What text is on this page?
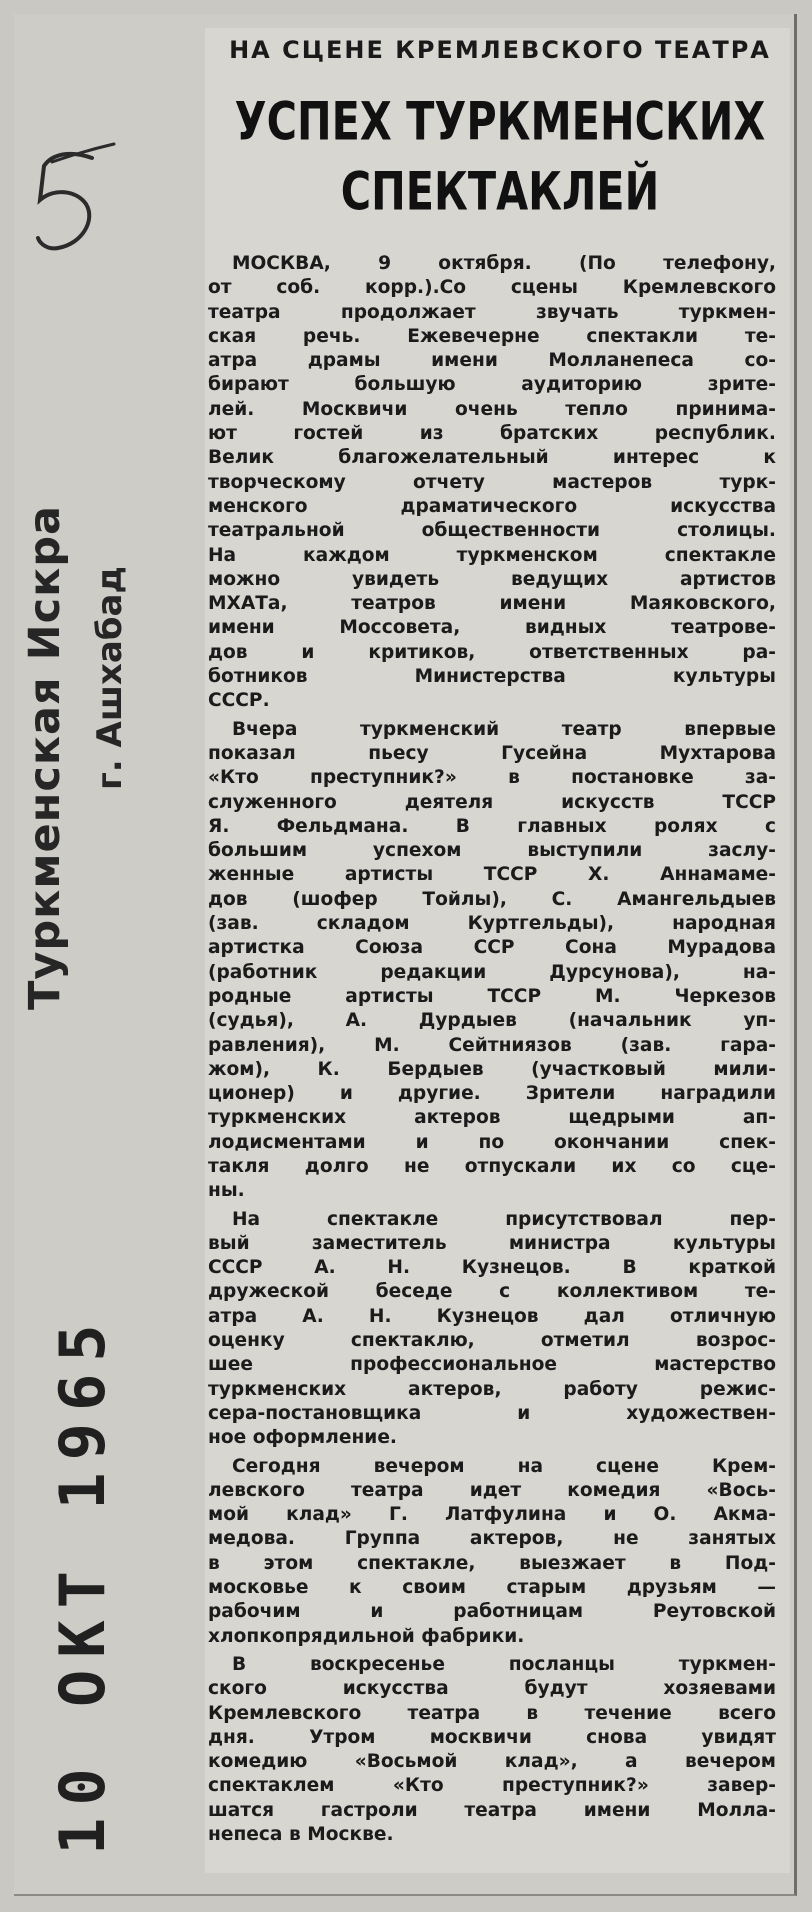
Туркменская Искра г. Ашхабад
10 ОКТ 1965
НА СЦЕНЕ КРЕМЛЕВСКОГО ТЕАТРА
УСПЕХ ТУРКМЕНСКИХ
СПЕКТАКЛЕЙ
МОСКВА, 9 октября. (По телефону,
от соб. корр.).Со сцены Кремлевского
театра продолжает звучать туркмен-
ская речь. Ежевечерне спектакли те-
атра драмы имени Молланепеса со-
бирают большую аудиторию зрите-
лей. Москвичи очень тепло принима-
ют гостей из братских республик.
Велик благожелательный интерес к
творческому отчету мастеров турк-
менского драматического искусства
театральной общественности столицы.
На каждом туркменском спектакле
можно увидеть ведущих артистов
МХАТа, театров имени Маяковского,
имени Моссовета, видных театрове-
дов и критиков, ответственных ра-
ботников Министерства культуры
СССР.
Вчера туркменский театр впервые
показал пьесу Гусейна Мухтарова
«Кто преступник?» в постановке за-
служенного деятеля искусств ТССР
Я. Фельдмана. В главных ролях с
большим успехом выступили заслу-
женные артисты ТССР Х. Аннамаме-
дов (шофер Тойлы), С. Амангельдыев
(зав. складом Куртгельды), народная
артистка Союза ССР Сона Мурадова
(работник редакции Дурсунова), на-
родные артисты ТССР М. Черкезов
(судья), А. Дурдыев (начальник уп-
равления), М. Сейтниязов (зав. гара-
жом), К. Бердыев (участковый мили-
ционер) и другие. Зрители наградили
туркменских актеров щедрыми ап-
лодисментами и по окончании спек-
такля долго не отпускали их со сце-
ны.
На спектакле присутствовал пер-
вый заместитель министра культуры
СССР А. Н. Кузнецов. В краткой
дружеской беседе с коллективом те-
атра А. Н. Кузнецов дал отличную
оценку спектаклю, отметил возрос-
шее профессиональное мастерство
туркменских актеров, работу режис-
сера-постановщика и художествен-
ное оформление.
Сегодня вечером на сцене Крем-
левского театра идет комедия «Вось-
мой клад» Г. Латфулина и О. Акма-
медова. Группа актеров, не занятых
в этом спектакле, выезжает в Под-
московье к своим старым друзьям —
рабочим и работницам Реутовской
хлопкопрядильной фабрики.
В воскресенье посланцы туркмен-
ского искусства будут хозяевами
Кремлевского театра в течение всего
дня. Утром москвичи снова увидят
комедию «Восьмой клад», а вечером
спектаклем «Кто преступник?» завер-
шатся гастроли театра имени Молла-
непеса в Москве.
